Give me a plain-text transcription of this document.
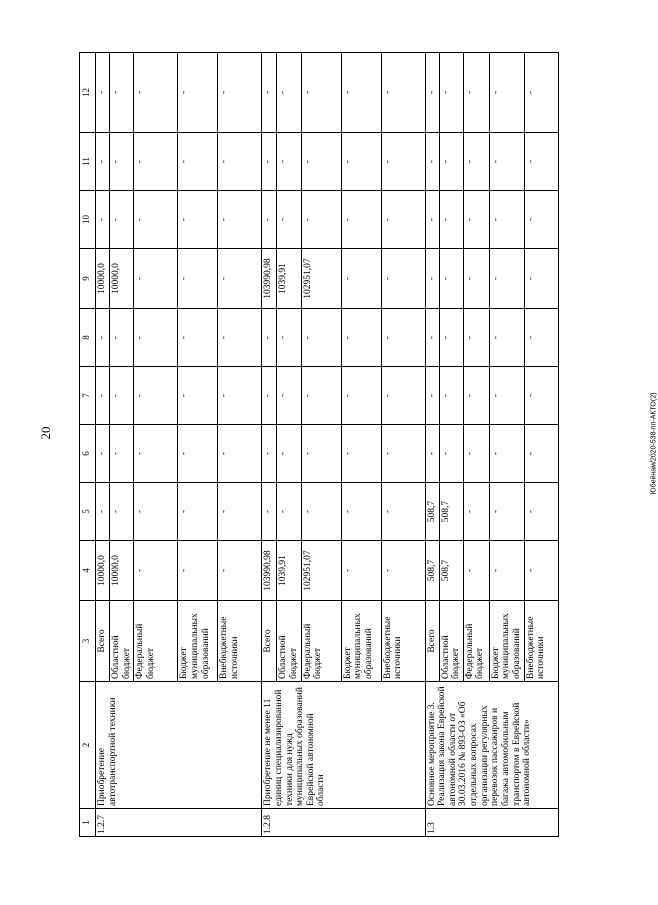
20	Юбейнам/2020-538-пп-АКТО(2)
1	2	3	4	5	6	7	8	9	10	11	12
1.2.7	Приобретение автотранспортной техники	Всего	10000,0	-	-	-	-	10000,0	-	-	-
		Областной бюджет	10000,0	-	-	-	-	10000,0	-	-	-
		Федеральный бюджет	-	-	-	-	-	-	-	-	-
		Бюджет муниципальных образований	-	-	-	-	-	-	-	-	-
		Внебюджетные источники	-	-	-	-	-	-	-	-	-
1.2.8	Приобретение не менее 11 единиц специализированной техники для нужд муниципальных образований Еврейской автономной области	Всего	103990,98	-	-	-	-	103990,98	-	-	-
		Областной бюджет	1039,91	-	-	-	-	1039,91	-	-	-
		Федеральный бюджет	102951,07	-	-	-	-	102951,07	-	-	-
		Бюджет муниципальных образований	-	-	-	-	-	-	-	-	-
		Внебюджетные источники	-	-	-	-	-	-	-	-	-
1.3	Основное мероприятие 3. Реализация закона Еврейской автономной области от 30.03.2016 № 893-ОЗ «Об отдельных вопросах организации регулярных перевозок пассажиров и багажа автомобильным транспортом в Еврейской автономной области»	Всего	508,7	508,7	-	-	-	-	-	-	-
		Областной бюджет	508,7	508,7	-	-	-	-	-	-	-
		Федеральный бюджет	-	-	-	-	-	-	-	-	-
		Бюджет муниципальных образований	-	-	-	-	-	-	-	-	-
		Внебюджетные источники	-	-	-	-	-	-	-	-	-
